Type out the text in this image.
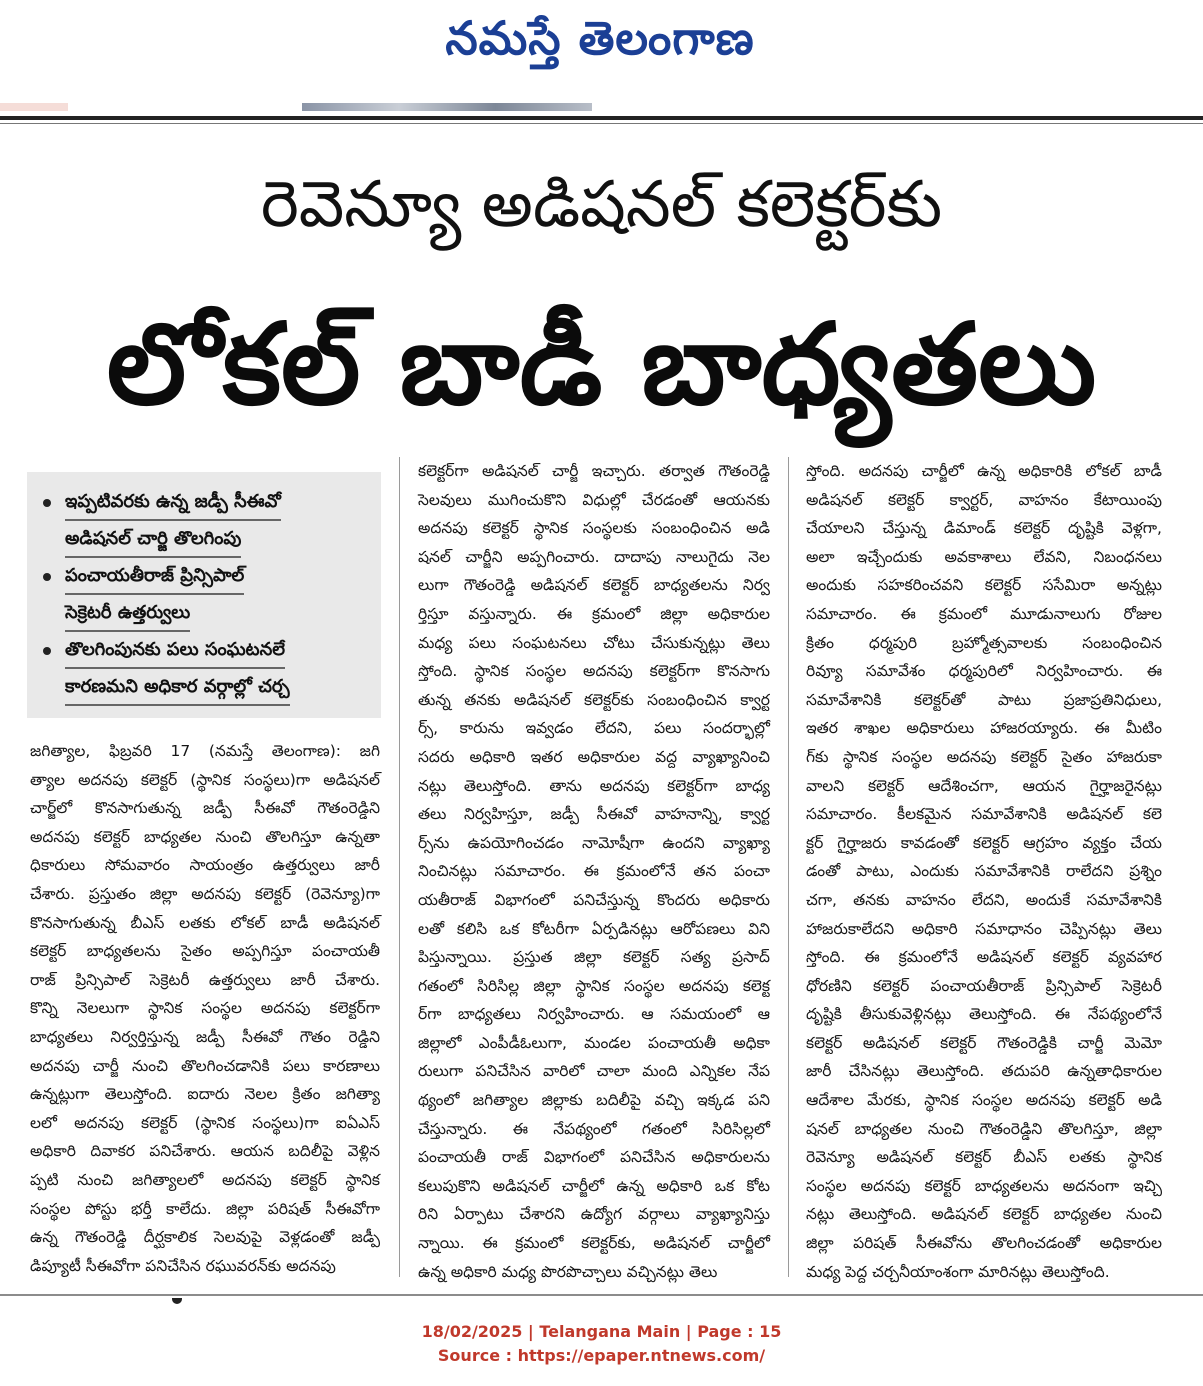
నమస్తే తెలంగాణ
రెవెన్యూ అడిషనల్ కలెక్టర్‌కు
లోకల్ బాడీ బాధ్యతలు
ఇప్పటివరకు ఉన్న జడ్పీ సీఈవో
అడిషనల్ చార్జి తొలగింపు
పంచాయతీరాజ్ ప్రిన్సిపాల్
సెక్రెటరీ ఉత్తర్వులు
తొలగింపునకు పలు సంఘటనలే
కారణమని అధికార వర్గాల్లో చర్చ
జగిత్యాల, ఫిబ్రవరి 17 (నమస్తే తెలంగాణ): జగి
త్యాల అదనపు కలెక్టర్ (స్థానిక సంస్థలు)గా అడిషనల్
చార్జ్‌లో కొనసాగుతున్న జడ్పీ సీఈవో గౌతంరెడ్డిని
అదనపు కలెక్టర్ బాధ్యతల నుంచి తొలగిస్తూ ఉన్నతా
ధికారులు సోమవారం సాయంత్రం ఉత్తర్వులు జారీ
చేశారు. ప్రస్తుతం జిల్లా అదనపు కలెక్టర్ (రెవెన్యూ)గా
కొనసాగుతున్న బీఎస్ లతకు లోకల్ బాడీ అడిషనల్
కలెక్టర్ బాధ్యతలను సైతం అప్పగిస్తూ పంచాయతీ
రాజ్ ప్రిన్సిపాల్ సెక్రెటరీ ఉత్తర్వులు జారీ చేశారు.
కొన్ని నెలలుగా స్థానిక సంస్థల అదనపు కలెక్టర్‌గా
బాధ్యతలు నిర్వర్తిస్తున్న జడ్పీ సీఈవో గౌతం రెడ్డిని
అదనపు చార్జీ నుంచి తొలగించడానికి పలు కారణాలు
ఉన్నట్లుగా తెలుస్తోంది. ఐదారు నెలల క్రితం జగిత్యా
లలో అదనపు కలెక్టర్ (స్థానిక సంస్థలు)గా ఐఏఎస్
అధికారి దివాకర పనిచేశారు. ఆయన బదిలీపై వెళ్లిన
ప్పటి నుంచి జగిత్యాలలో అదనపు కలెక్టర్ స్థానిక
సంస్థల పోస్టు భర్తీ కాలేదు. జిల్లా పరిషత్ సీఈవోగా
ఉన్న గౌతంరెడ్డి దీర్ఘకాలిక సెలవుపై వెళ్లడంతో జడ్పీ
డిప్యూటీ సీఈవోగా పనిచేసిన రఘువరన్‌కు అదనపు
కలెక్టర్‌గా అడిషనల్ చార్జీ ఇచ్చారు. తర్వాత గౌతంరెడ్డి
సెలవులు ముగించుకొని విధుల్లో చేరడంతో ఆయనకు
అదనపు కలెక్టర్ స్థానిక సంస్థలకు సంబంధించిన అడి
షనల్ చార్జీని అప్పగించారు. దాదాపు నాలుగైదు నెల
లుగా గౌతంరెడ్డి అడిషనల్ కలెక్టర్ బాధ్యతలను నిర్వ
ర్తిస్తూ వస్తున్నారు. ఈ క్రమంలో జిల్లా అధికారుల
మధ్య పలు సంఘటనలు చోటు చేసుకున్నట్లు తెలు
స్తోంది. స్థానిక సంస్థల అదనపు కలెక్టర్‌గా కొనసాగు
తున్న తనకు అడిషనల్ కలెక్టర్‌కు సంబంధించిన క్వార్ట
ర్స్, కారును ఇవ్వడం లేదని, పలు సందర్భాల్లో
సదరు అధికారి ఇతర అధికారుల వద్ద వ్యాఖ్యానించి
నట్లు తెలుస్తోంది. తాను అదనపు కలెక్టర్‌గా బాధ్య
తలు నిర్వహిస్తూ, జడ్పీ సీఈవో వాహనాన్ని, క్వార్ట
ర్స్‌ను ఉపయోగించడం నామోషీగా ఉందని వ్యాఖ్యా
నించినట్లు సమాచారం. ఈ క్రమంలోనే తన పంచా
యతీరాజ్ విభాగంలో పనిచేస్తున్న కొందరు అధికారు
లతో కలిసి ఒక కోటరీగా ఏర్పడినట్లు ఆరోపణలు విని
పిస్తున్నాయి. ప్రస్తుత జిల్లా కలెక్టర్ సత్య ప్రసాద్
గతంలో సిరిసిల్ల జిల్లా స్థానిక సంస్థల అదనపు కలెక్ట
ర్‌గా బాధ్యతలు నిర్వహించారు. ఆ సమయంలో ఆ
జిల్లాలో ఎంపీడీఓలుగా, మండల పంచాయతీ అధికా
రులుగా పనిచేసిన వారిలో చాలా మంది ఎన్నికల నేప
థ్యంలో జగిత్యాల జిల్లాకు బదిలీపై వచ్చి ఇక్కడ పని
చేస్తున్నారు. ఈ నేపథ్యంలో గతంలో సిరిసిల్లలో
పంచాయతీ రాజ్ విభాగంలో పనిచేసిన అధికారులను
కలుపుకొని అడిషనల్ చార్జీలో ఉన్న అధికారి ఒక కోట
రిని ఏర్పాటు చేశారని ఉద్యోగ వర్గాలు వ్యాఖ్యానిస్తు
న్నాయి. ఈ క్రమంలో కలెక్టర్‌కు, అడిషనల్ చార్జీలో
ఉన్న అధికారి మధ్య పొరపొచ్చాలు వచ్చినట్లు తెలు
స్తోంది. అదనపు చార్జీలో ఉన్న అధికారికి లోకల్ బాడీ
అడిషనల్ కలెక్టర్ క్వార్టర్, వాహనం కేటాయింపు
చేయాలని చేస్తున్న డిమాండ్ కలెక్టర్ దృష్టికి వెళ్లగా,
అలా ఇచ్చేందుకు అవకాశాలు లేవని, నిబంధనలు
అందుకు సహకరించవని కలెక్టర్ ససేమిరా అన్నట్లు
సమాచారం. ఈ క్రమంలో మూడునాలుగు రోజుల
క్రితం ధర్మపురి బ్రహ్మోత్సవాలకు సంబంధించిన
రివ్యూ సమావేశం ధర్మపురిలో నిర్వహించారు. ఈ
సమావేశానికి కలెక్టర్‌తో పాటు ప్రజాప్రతినిధులు,
ఇతర శాఖల అధికారులు హాజరయ్యారు. ఈ మీటిం
గ్‌కు స్థానిక సంస్థల అదనపు కలెక్టర్ సైతం హాజరుకా
వాలని కలెక్టర్ ఆదేశించగా, ఆయన గైర్హాజరైనట్లు
సమాచారం. కీలకమైన సమావేశానికి అడిషనల్ కలె
క్టర్ గైర్హాజరు కావడంతో కలెక్టర్ ఆగ్రహం వ్యక్తం చేయ
డంతో పాటు, ఎందుకు సమావేశానికి రాలేదని ప్రశ్నిం
చగా, తనకు వాహనం లేదని, అందుకే సమావేశానికి
హాజరుకాలేదని అధికారి సమాధానం చెప్పినట్లు తెలు
స్తోంది. ఈ క్రమంలోనే అడిషనల్ కలెక్టర్ వ్యవహార
ధోరణిని కలెక్టర్ పంచాయతీరాజ్ ప్రిన్సిపాల్ సెక్రెటరీ
దృష్టికి తీసుకువెళ్లినట్లు తెలుస్తోంది. ఈ నేపథ్యంలోనే
కలెక్టర్ అడిషనల్ కలెక్టర్ గౌతంరెడ్డికి చార్జీ మెమో
జారీ చేసినట్లు తెలుస్తోంది. తదుపరి ఉన్నతాధికారుల
ఆదేశాల మేరకు, స్థానిక సంస్థల అదనపు కలెక్టర్ అడి
షనల్ బాధ్యతల నుంచి గౌతంరెడ్డిని తొలగిస్తూ, జిల్లా
రెవెన్యూ అడిషనల్ కలెక్టర్ బీఎస్ లతకు స్థానిక
సంస్థల అదనపు కలెక్టర్ బాధ్యతలను అదనంగా ఇచ్చి
నట్లు తెలుస్తోంది. అడిషనల్ కలెక్టర్ బాధ్యతల నుంచి
జిల్లా పరిషత్ సీఈవోను తొలగించడంతో అధికారుల
మధ్య పెద్ద చర్చనీయాంశంగా మారినట్లు తెలుస్తోంది.
18/02/2025 | Telangana Main | Page : 15
Source : https://epaper.ntnews.com/
